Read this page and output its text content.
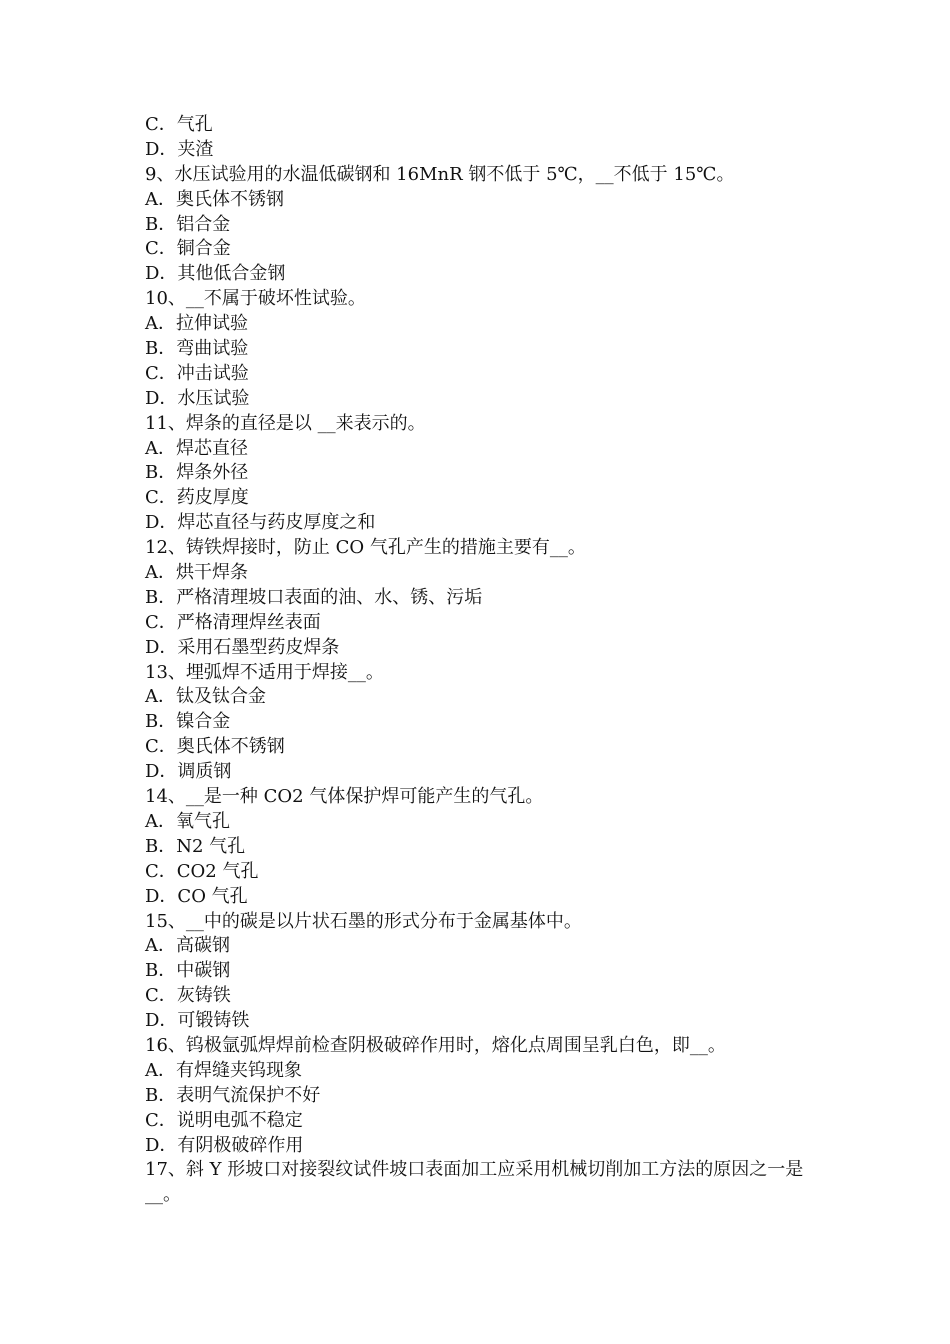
C．气孔
D．夹渣
9、水压试验用的水温低碳钢和 16MnR 钢不低于 5℃，__不低于 15℃。
A．奥氏体不锈钢
B．铝合金
C．铜合金
D．其他低合金钢
10、__不属于破坏性试验。
A．拉伸试验
B．弯曲试验
C．冲击试验
D．水压试验
11、焊条的直径是以 __来表示的。
A．焊芯直径
B．焊条外径
C．药皮厚度
D．焊芯直径与药皮厚度之和
12、铸铁焊接时，防止 CO 气孔产生的措施主要有__。
A．烘干焊条
B．严格清理坡口表面的油、水、锈、污垢
C．严格清理焊丝表面
D．采用石墨型药皮焊条
13、埋弧焊不适用于焊接__。
A．钛及钛合金
B．镍合金
C．奥氏体不锈钢
D．调质钢
14、__是一种 CO2 气体保护焊可能产生的气孔。
A．氧气孔
B．N2 气孔
C．CO2 气孔
D．CO 气孔
15、__中的碳是以片状石墨的形式分布于金属基体中。
A．高碳钢
B．中碳钢
C．灰铸铁
D．可锻铸铁
16、钨极氩弧焊焊前检查阴极破碎作用时，熔化点周围呈乳白色，即__。
A．有焊缝夹钨现象
B．表明气流保护不好
C．说明电弧不稳定
D．有阴极破碎作用
17、斜 Y 形坡口对接裂纹试件坡口表面加工应采用机械切削加工方法的原因之一是__。
